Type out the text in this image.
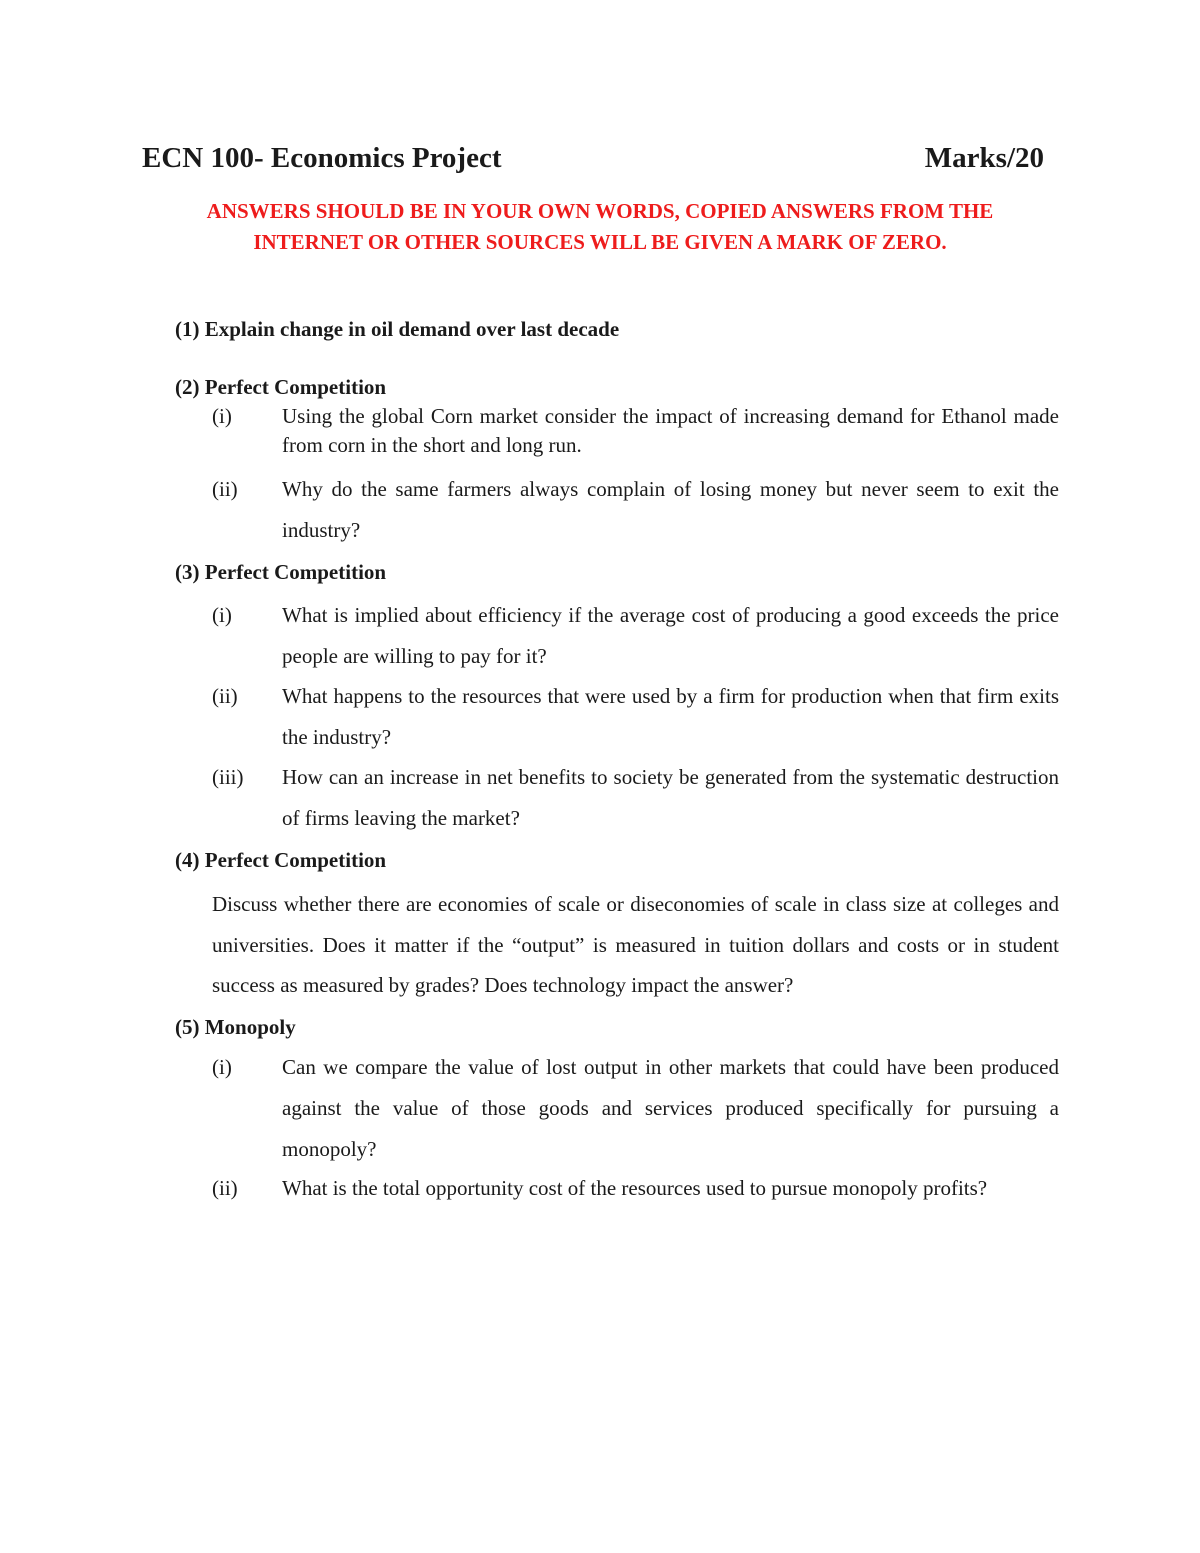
ECN 100- Economics Project	Marks/20
ANSWERS SHOULD BE IN YOUR OWN WORDS, COPIED ANSWERS FROM THE
INTERNET OR OTHER SOURCES WILL BE GIVEN A MARK OF ZERO.
(1) Explain change in oil demand over last decade
(2) Perfect Competition
(i)	Using the global Corn market consider the impact of increasing demand for Ethanol made from corn in the short and long run.
(ii)	Why do the same farmers always complain of losing money but never seem to exit the industry?
(3) Perfect Competition
(i)	What is implied about efficiency if the average cost of producing a good exceeds the price people are willing to pay for it?
(ii)	What happens to the resources that were used by a firm for production when that firm exits the industry?
(iii)	How can an increase in net benefits to society be generated from the systematic destruction of firms leaving the market?
(4) Perfect Competition
Discuss whether there are economies of scale or diseconomies of scale in class size at colleges and universities. Does it matter if the “output” is measured in tuition dollars and costs or in student success as measured by grades? Does technology impact the answer?
(5) Monopoly
(i)	Can we compare the value of lost output in other markets that could have been produced against the value of those goods and services produced specifically for pursuing a monopoly?
(ii)	What is the total opportunity cost of the resources used to pursue monopoly profits?
